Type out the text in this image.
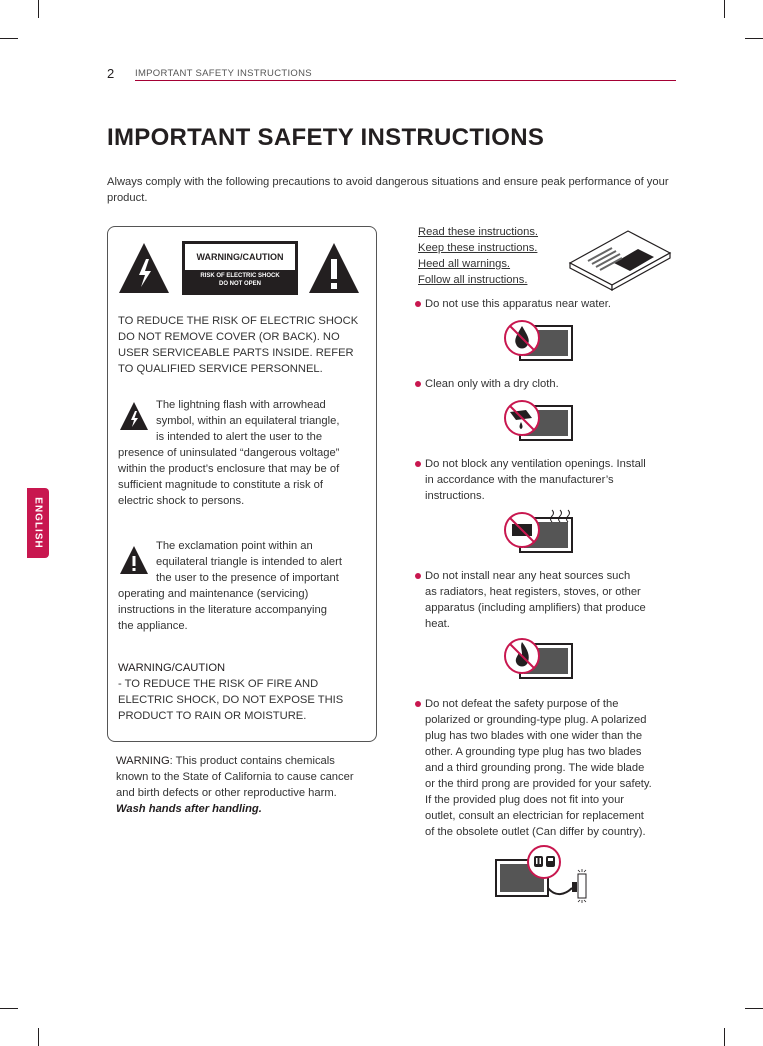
2 IMPORTANT SAFETY INSTRUCTIONS
IMPORTANT SAFETY INSTRUCTIONS
Always comply with the following precautions to avoid dangerous situations and ensure peak performance of your product.
ENGLISH
WARNING/CAUTION
RISK OF ELECTRIC SHOCK
DO NOT OPEN
TO REDUCE THE RISK OF ELECTRIC SHOCK
DO NOT REMOVE COVER (OR BACK). NO
USER SERVICEABLE PARTS INSIDE. REFER
TO QUALIFIED SERVICE PERSONNEL.
The lightning flash with arrowhead
symbol, within an equilateral triangle,
is intended to alert the user to the
presence of uninsulated “dangerous voltage”
within the product’s enclosure that may be of
sufficient magnitude to constitute a risk of
electric shock to persons.
The exclamation point within an
equilateral triangle is intended to alert
the user to the presence of important
operating and maintenance (servicing)
instructions in the literature accompanying
the appliance.
WARNING/CAUTION
- TO REDUCE THE RISK OF FIRE AND
ELECTRIC SHOCK, DO NOT EXPOSE THIS
PRODUCT TO RAIN OR MOISTURE.
WARNING: This product contains chemicals
known to the State of California to cause cancer
and birth defects or other reproductive harm.
Wash hands after handling.
Read these instructions.
Keep these instructions.
Heed all warnings.
Follow all instructions.
Do not use this apparatus near water.
Clean only with a dry cloth.
Do not block any ventilation openings. Install
in accordance with the manufacturer’s
instructions.
Do not install near any heat sources such
as radiators, heat registers, stoves, or other
apparatus (including amplifiers) that produce
heat.
Do not defeat the safety purpose of the
polarized or grounding-type plug. A polarized
plug has two blades with one wider than the
other. A grounding type plug has two blades
and a third grounding prong. The wide blade
or the third prong are provided for your safety.
If the provided plug does not fit into your
outlet, consult an electrician for replacement
of the obsolete outlet (Can differ by country).
